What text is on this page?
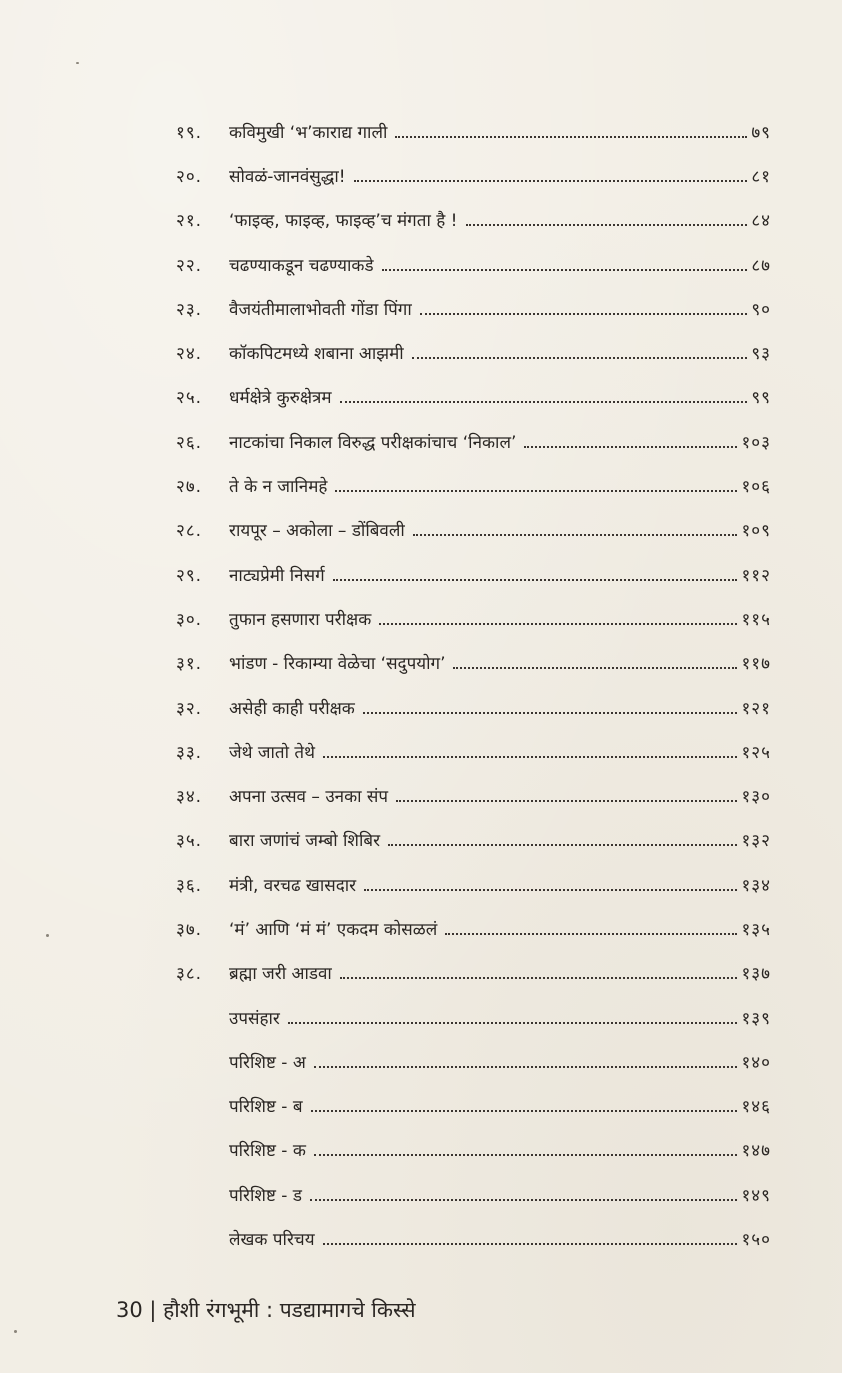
१९.	कविमुखी ‘भ’काराद्य गाली	७९
२०.	सोवळं-जानवंसुद्धा!	८१
२१.	‘फाइव्ह, फाइव्ह, फाइव्ह’च मंगता है !	८४
२२.	चढण्याकडून चढण्याकडे	८७
२३.	वैजयंतीमालाभोवती गोंडा पिंगा	९०
२४.	कॉकपिटमध्ये शबाना आझमी	९३
२५.	धर्मक्षेत्रे कुरुक्षेत्रम	९९
२६.	नाटकांचा निकाल विरुद्ध परीक्षकांचाच ‘निकाल’	१०३
२७.	ते के न जानिमहे	१०६
२८.	रायपूर – अकोला – डोंबिवली	१०९
२९.	नाट्यप्रेमी निसर्ग	११२
३०.	तुफान हसणारा परीक्षक	११५
३१.	भांडण - रिकाम्या वेळेचा ‘सदुपयोग’	११७
३२.	असेही काही परीक्षक	१२१
३३.	जेथे जातो तेथे	१२५
३४.	अपना उत्सव – उनका संप	१३०
३५.	बारा जणांचं जम्बो शिबिर	१३२
३६.	मंत्री, वरचढ खासदार	१३४
३७.	‘मं’ आणि ‘मं मं’ एकदम कोसळलं	१३५
३८.	ब्रह्मा जरी आडवा	१३७
उपसंहार	१३९
परिशिष्ट - अ	१४०
परिशिष्ट - ब	१४६
परिशिष्ट - क	१४७
परिशिष्ट - ड	१४९
लेखक परिचय	१५०
30 | हौशी रंगभूमी : पडद्यामागचे किस्से
